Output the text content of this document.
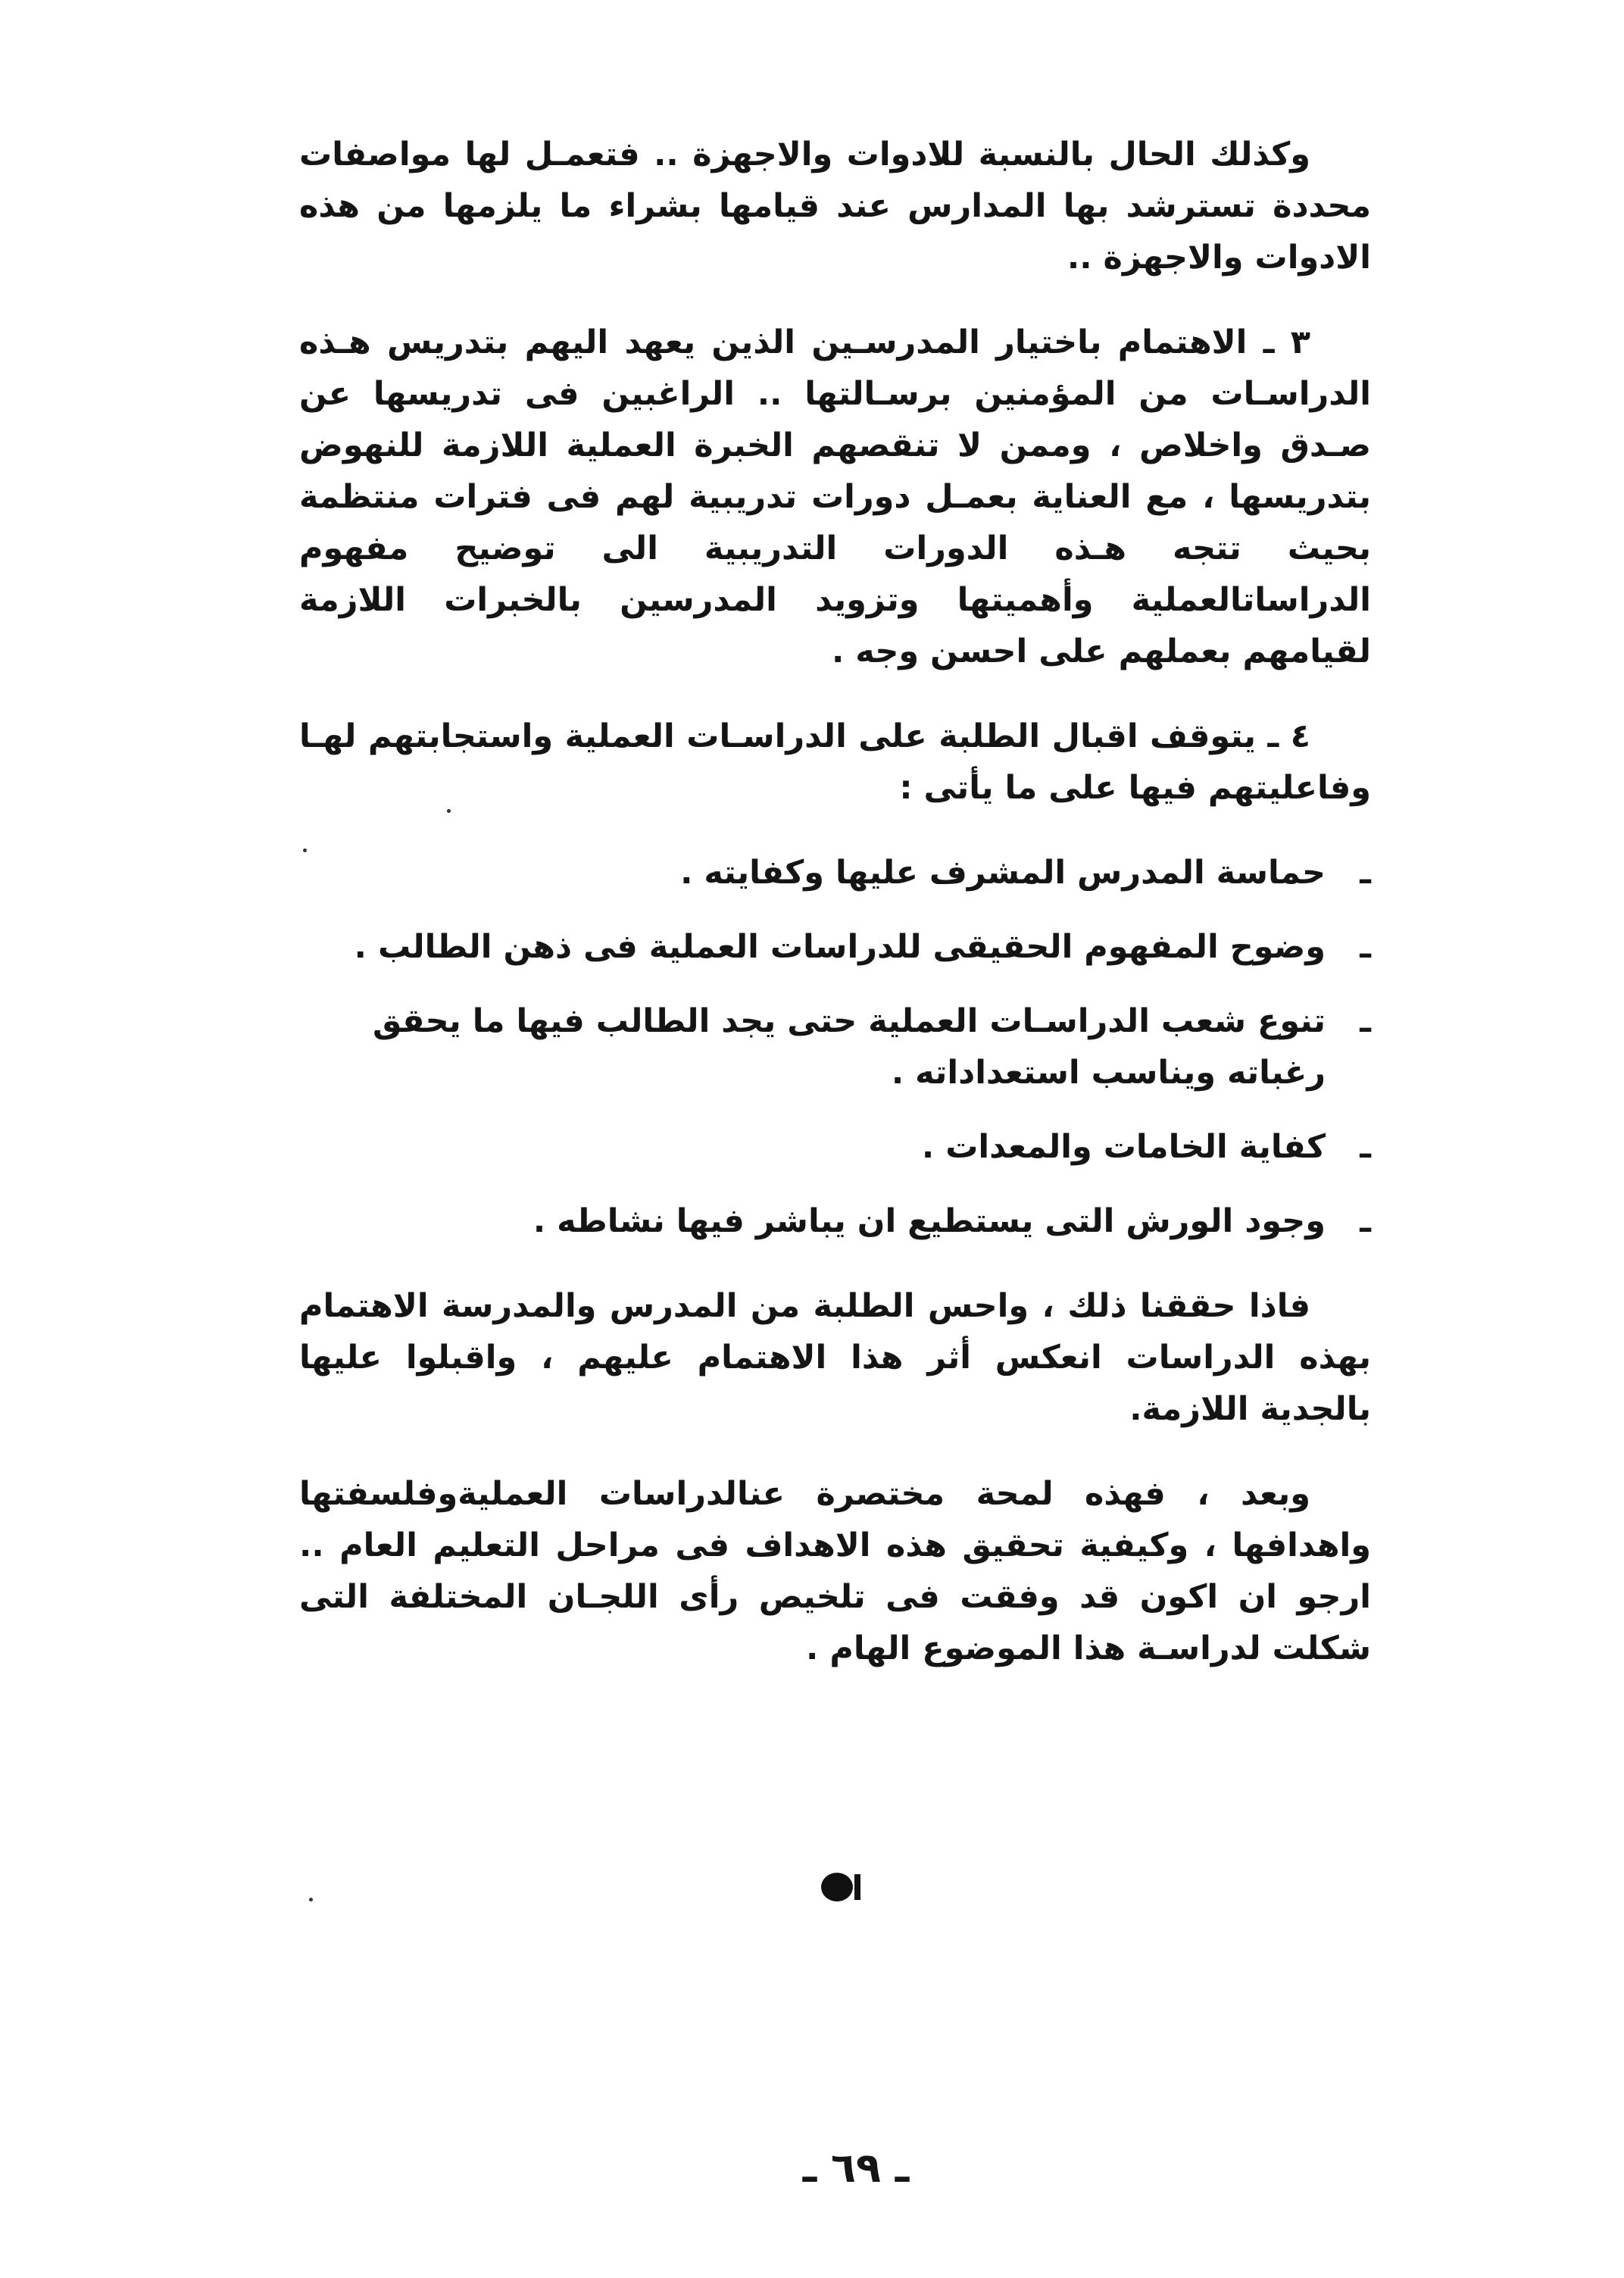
وكذلك الحال بالنسبة للادوات والاجهزة .. فتعمـل لها مواصفات محددة تسترشد بها المدارس عند قيامها بشراء ما يلزمها من هذه الادوات والاجهزة ..

٣ ـ الاهتمام باختيار المدرسـين الذين يعهد اليهم بتدريس هـذه الدراسـات من المؤمنين برسـالتها .. الراغبين فى تدريسها عن صـدق واخلاص ، وممن لا تنقصهم الخبرة العملية اللازمة للنهوض بتدريسها ، مع العناية بعمـل دورات تدريبية لهم فى فترات منتظمة بحيث تتجه هـذه الدورات التدريبية الى توضيح مفهوم الدراساتالعملية وأهميتها وتزويد المدرسين بالخبرات اللازمة لقيامهم بعملهم على احسن وجه .

٤ ـ يتوقف اقبال الطلبة على الدراسـات العملية واستجابتهم لهـا وفاعليتهم فيها على ما يأتى :

ـ
حماسة المدرس المشرف عليها وكفايته .
ـ
وضوح المفهوم الحقيقى للدراسات العملية فى ذهن الطالب .
ـ
تنوع شعب الدراسـات العملية حتى يجد الطالب فيها ما يحقق رغباته ويناسب استعداداته .
ـ
كفاية الخامات والمعدات .
ـ
وجود الورش التى يستطيع ان يباشر فيها نشاطه .

فاذا حققنا ذلك ، واحس الطلبة من المدرس والمدرسة الاهتمام بهذه الدراسات انعكس أثر هذا الاهتمام عليهم ، واقبلوا عليها بالجدية اللازمة.

وبعد ، فهذه لمحة مختصرة عنالدراسات العمليةوفلسفتها واهدافها ، وكيفية تحقيق هذه الاهداف فى مراحل التعليم العام .. ارجو ان اكون قد وفقت فى تلخيص رأى اللجـان المختلفة التى شكلت لدراسـة هذا الموضوع الهام .

ـ ٦٩ ـ
